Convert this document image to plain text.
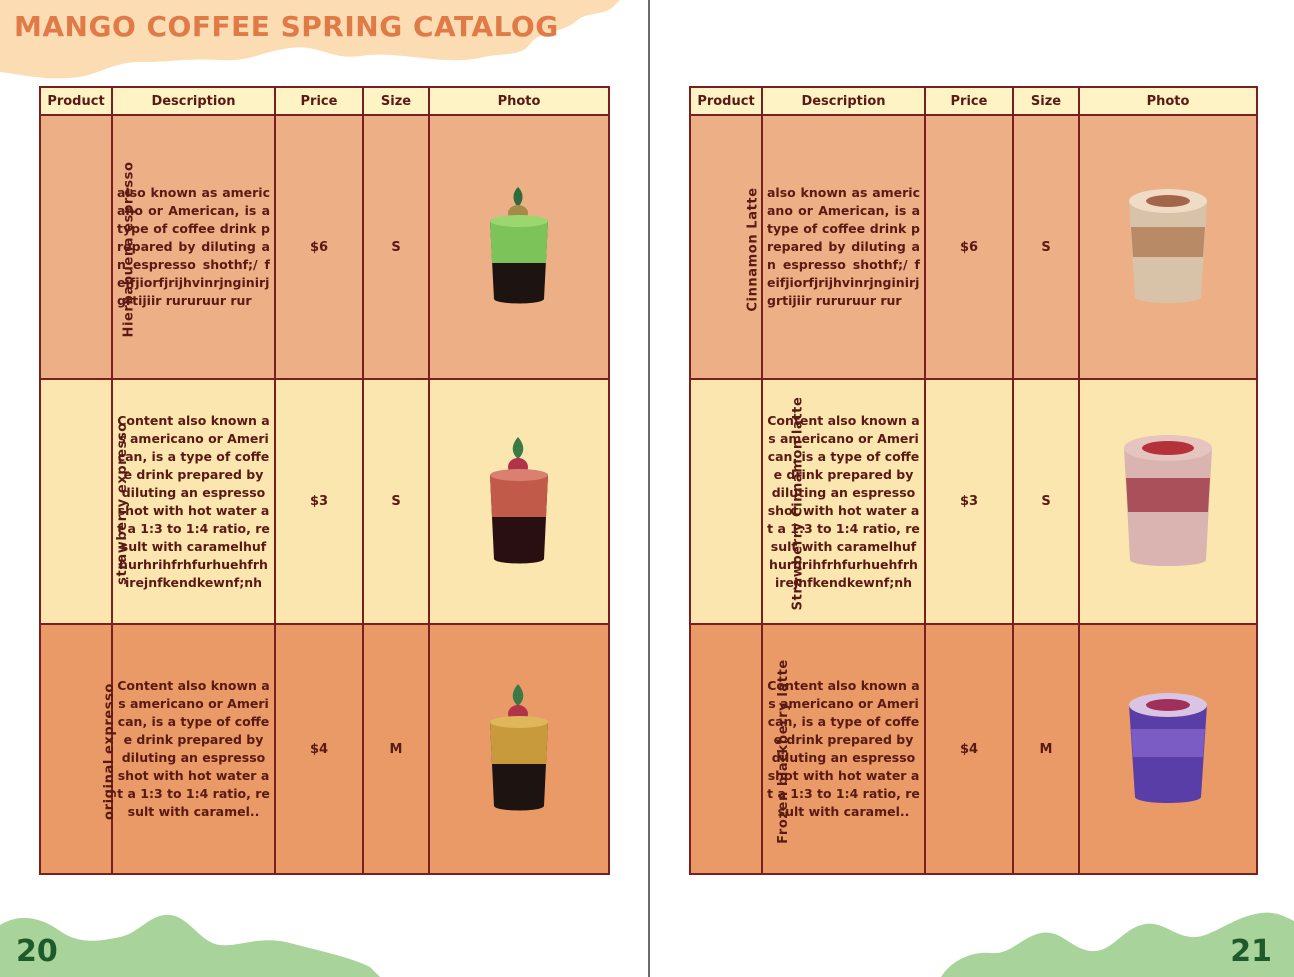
MANGO COFFEE SPRING CATALOG
Product	Description	Price	Size	Photo
Hierbabuena espresso	also known as americano or American, is a type of coffee drink prepared by diluting an espresso shothf;/ feifjiorfjrijhvinrjnginirjgrtijiir rururuur rur	$6	S	

strawberry expresso	Content also known as americano or American, is a type of coffee drink prepared by diluting an espresso shot with hot water at a 1:3 to 1:4 ratio, result with caramelhufhurhrihfrhfurhuehfrhirejnfkendkewnf;nh	$3	S	

original expresso	Content also known as americano or American, is a type of coffee drink prepared by diluting an espresso shot with hot water at a 1:3 to 1:4 ratio, result with caramel..	$4	M	
20
Product	Description	Price	Size	Photo
Cinnamon Latte	also known as americano or American, is a type of coffee drink prepared by diluting an espresso shothf;/ feifjiorfjrijhvinrjnginirjgrtijiir rururuur rur	$6	S	

Strawberry Cinnamon latte	Content also known as americano or American, is a type of coffee drink prepared by diluting an espresso shot with hot water at a 1:3 to 1:4 ratio, result with caramelhufhurhrihfrhfurhuehfrhirejnfkendkewnf;nh	$3	S	

Frozen blackberry latte	Content also known as americano or American, is a type of coffee drink prepared by diluting an espresso shot with hot water at a 1:3 to 1:4 ratio, result with caramel..	$4	M	
21
